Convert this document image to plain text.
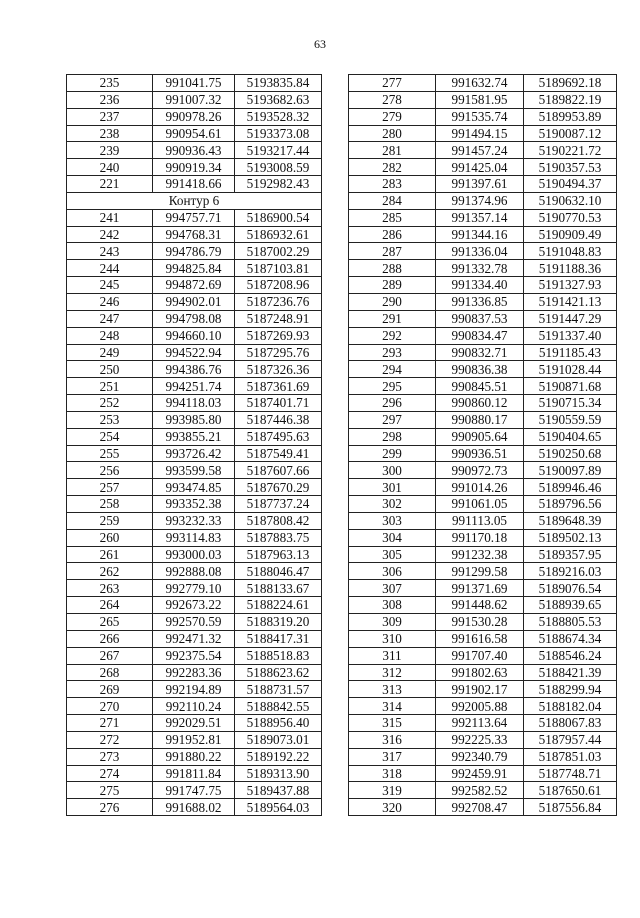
63
235	991041.75	5193835.84
236	991007.32	5193682.63
237	990978.26	5193528.32
238	990954.61	5193373.08
239	990936.43	5193217.44
240	990919.34	5193008.59
221	991418.66	5192982.43
Контур 6		
241	994757.71	5186900.54
242	994768.31	5186932.61
243	994786.79	5187002.29
244	994825.84	5187103.81
245	994872.69	5187208.96
246	994902.01	5187236.76
247	994798.08	5187248.91
248	994660.10	5187269.93
249	994522.94	5187295.76
250	994386.76	5187326.36
251	994251.74	5187361.69
252	994118.03	5187401.71
253	993985.80	5187446.38
254	993855.21	5187495.63
255	993726.42	5187549.41
256	993599.58	5187607.66
257	993474.85	5187670.29
258	993352.38	5187737.24
259	993232.33	5187808.42
260	993114.83	5187883.75
261	993000.03	5187963.13
262	992888.08	5188046.47
263	992779.10	5188133.67
264	992673.22	5188224.61
265	992570.59	5188319.20
266	992471.32	5188417.31
267	992375.54	5188518.83
268	992283.36	5188623.62
269	992194.89	5188731.57
270	992110.24	5188842.55
271	992029.51	5188956.40
272	991952.81	5189073.01
273	991880.22	5189192.22
274	991811.84	5189313.90
275	991747.75	5189437.88
276	991688.02	5189564.03
277	991632.74	5189692.18
278	991581.95	5189822.19
279	991535.74	5189953.89
280	991494.15	5190087.12
281	991457.24	5190221.72
282	991425.04	5190357.53
283	991397.61	5190494.37
284	991374.96	5190632.10
285	991357.14	5190770.53
286	991344.16	5190909.49
287	991336.04	5191048.83
288	991332.78	5191188.36
289	991334.40	5191327.93
290	991336.85	5191421.13
291	990837.53	5191447.29
292	990834.47	5191337.40
293	990832.71	5191185.43
294	990836.38	5191028.44
295	990845.51	5190871.68
296	990860.12	5190715.34
297	990880.17	5190559.59
298	990905.64	5190404.65
299	990936.51	5190250.68
300	990972.73	5190097.89
301	991014.26	5189946.46
302	991061.05	5189796.56
303	991113.05	5189648.39
304	991170.18	5189502.13
305	991232.38	5189357.95
306	991299.58	5189216.03
307	991371.69	5189076.54
308	991448.62	5188939.65
309	991530.28	5188805.53
310	991616.58	5188674.34
311	991707.40	5188546.24
312	991802.63	5188421.39
313	991902.17	5188299.94
314	992005.88	5188182.04
315	992113.64	5188067.83
316	992225.33	5187957.44
317	992340.79	5187851.03
318	992459.91	5187748.71
319	992582.52	5187650.61
320	992708.47	5187556.84
